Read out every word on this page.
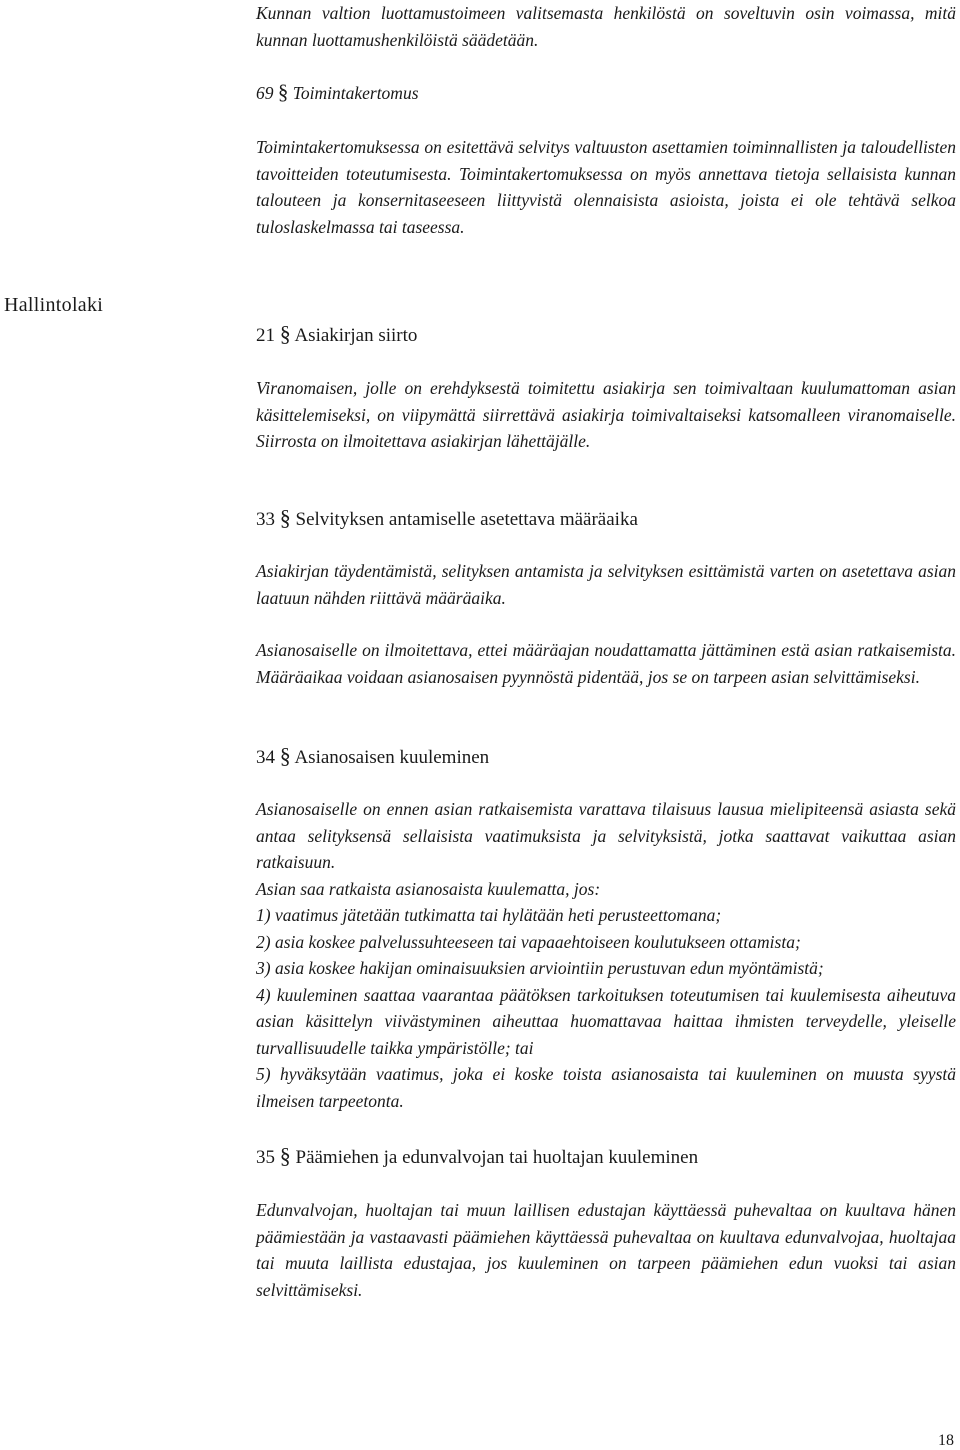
Hallintolaki

Kunnan valtion luottamustoimeen valitsemasta henkilöstä on soveltuvin osin voimassa, mitä kunnan luottamushenkilöistä säädetään.

69 § Toimintakertomus

Toimintakertomuksessa on esitettävä selvitys valtuuston asettamien toiminnallisten ja taloudellisten tavoitteiden toteutumisesta. Toimintakertomuksessa on myös annettava tietoja sellaisista kunnan talouteen ja konsernitaseeseen liittyvistä olennaisista asioista, joista ei ole tehtävä selkoa tuloslaskelmassa tai taseessa.

21 § Asiakirjan siirto

Viranomaisen, jolle on erehdyksestä toimitettu asiakirja sen toimivaltaan kuulumattoman asian käsittelemiseksi, on viipymättä siirrettävä asiakirja toimivaltaiseksi katsomalleen viranomaiselle. Siirrosta on ilmoitettava asiakirjan lähettäjälle.

33 § Selvityksen antamiselle asetettava määräaika

Asiakirjan täydentämistä, selityksen antamista ja selvityksen esittämistä varten on asetettava asian laatuun nähden riittävä määräaika.

Asianosaiselle on ilmoitettava, ettei määräajan noudattamatta jättäminen estä asian ratkaisemista. Määräaikaa voidaan asianosaisen pyynnöstä pidentää, jos se on tarpeen asian selvittämiseksi.

34 § Asianosaisen kuuleminen

Asianosaiselle on ennen asian ratkaisemista varattava tilaisuus lausua mielipiteensä asiasta sekä antaa selityksensä sellaisista vaatimuksista ja selvityksistä, jotka saattavat vaikuttaa asian ratkaisuun.

Asian saa ratkaista asianosaista kuulematta, jos:

1) vaatimus jätetään tutkimatta tai hylätään heti perusteettomana;

2) asia koskee palvelussuhteeseen tai vapaaehtoiseen koulutukseen ottamista;

3) asia koskee hakijan ominaisuuksien arviointiin perustuvan edun myöntämistä;

4) kuuleminen saattaa vaarantaa päätöksen tarkoituksen toteutumisen tai kuulemisesta aiheutuva asian käsittelyn viivästyminen aiheuttaa huomattavaa haittaa ihmisten terveydelle, yleiselle turvallisuudelle taikka ympäristölle; tai

5) hyväksytään vaatimus, joka ei koske toista asianosaista tai kuuleminen on muusta syystä ilmeisen tarpeetonta.

35 § Päämiehen ja edunvalvojan tai huoltajan kuuleminen

Edunvalvojan, huoltajan tai muun laillisen edustajan käyttäessä puhevaltaa on kuultava hänen päämiestään ja vastaavasti päämiehen käyttäessä puhevaltaa on kuultava edunvalvojaa, huoltajaa tai muuta laillista edustajaa, jos kuuleminen on tarpeen päämiehen edun vuoksi tai asian selvittämiseksi.

18
